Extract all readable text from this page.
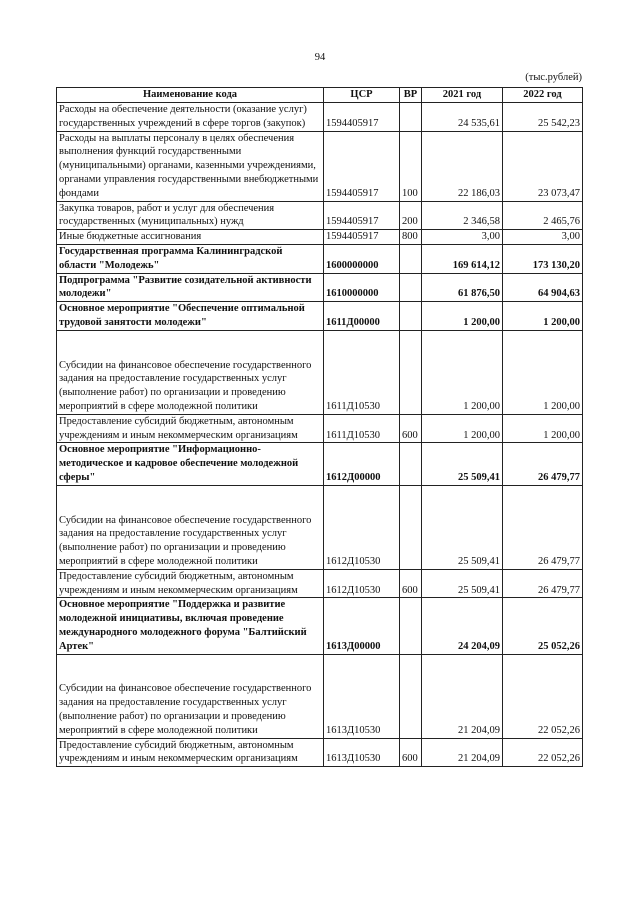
94
(тыс.рублей)
Наименование кода	ЦСР	ВР	2021 год	2022 год
Расходы на обеспечение деятельности (оказание услуг) государственных учреждений в сфере торгов (закупок)	1594405917		24 535,61	25 542,23
Расходы на выплаты персоналу в целях обеспечения выполнения функций государственными (муниципальными) органами, казенными учреждениями, органами управления государственными внебюджетными фондами	1594405917	100	22 186,03	23 073,47
Закупка товаров, работ и услуг для обеспечения государственных (муниципальных) нужд	1594405917	200	2 346,58	2 465,76
Иные бюджетные ассигнования	1594405917	800	3,00	3,00
Государственная программа Калининградской области "Молодежь"	1600000000		169 614,12	173 130,20
Подпрограмма "Развитие созидательной активности молодежи"	1610000000		61 876,50	64 904,63
Основное мероприятие "Обеспечение оптимальной трудовой занятости молодежи"	1611Д00000		1 200,00	1 200,00
Субсидии на финансовое обеспечение государственного задания на предоставление государственных услуг (выполнение работ) по организации и проведению мероприятий в сфере молодежной политики	1611Д10530		1 200,00	1 200,00
Предоставление субсидий бюджетным, автономным учреждениям и иным некоммерческим организациям	1611Д10530	600	1 200,00	1 200,00
Основное мероприятие "Информационно-методическое и кадровое обеспечение молодежной сферы"	1612Д00000		25 509,41	26 479,77
Субсидии на финансовое обеспечение государственного задания на предоставление государственных услуг (выполнение работ) по организации и проведению мероприятий в сфере молодежной политики	1612Д10530		25 509,41	26 479,77
Предоставление субсидий бюджетным, автономным учреждениям и иным некоммерческим организациям	1612Д10530	600	25 509,41	26 479,77
Основное мероприятие "Поддержка и развитие молодежной инициативы, включая проведение международного молодежного форума "Балтийский Артек"	1613Д00000		24 204,09	25 052,26
Субсидии на финансовое обеспечение государственного задания на предоставление государственных услуг (выполнение работ) по организации и проведению мероприятий в сфере молодежной политики	1613Д10530		21 204,09	22 052,26
Предоставление субсидий бюджетным, автономным учреждениям и иным некоммерческим организациям	1613Д10530	600	21 204,09	22 052,26
